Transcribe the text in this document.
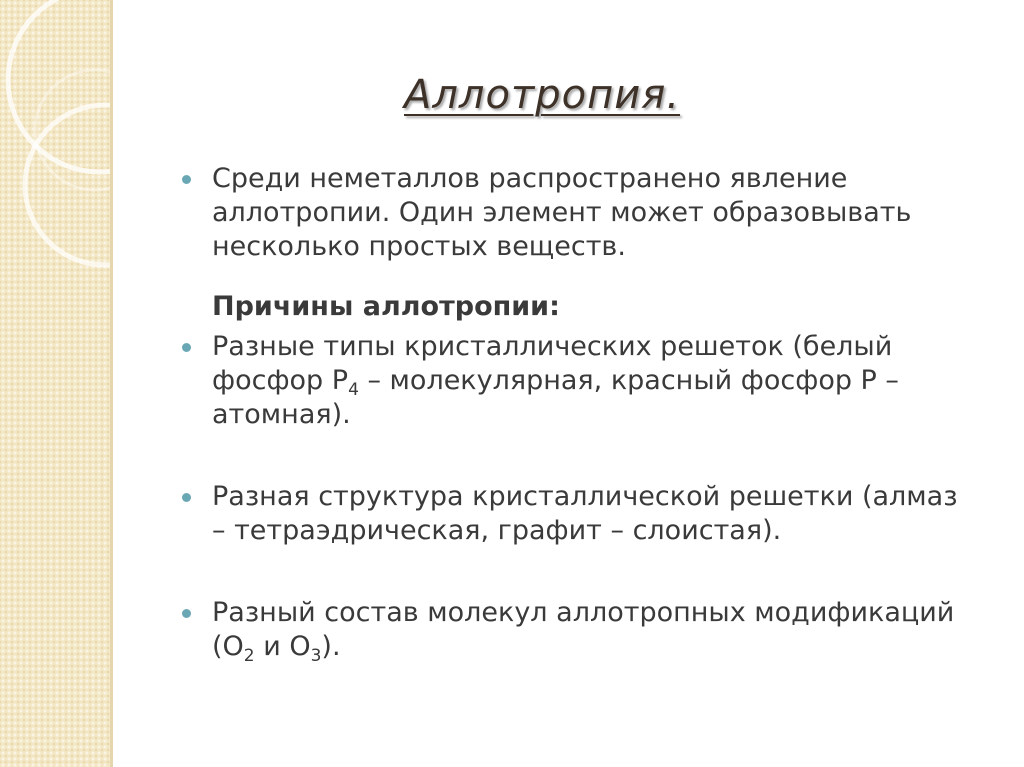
Аллотропия.
Среди неметаллов распространено явление аллотропии. Один элемент может образовывать несколько простых веществ.
Причины аллотропии:
Разные типы кристаллических решеток (белый фосфор $Р_4$ – молекулярная, красный фосфор Р – атомная).
Разная структура кристаллической решетки (алмаз – тетраэдрическая, графит – слоистая).
Разный состав молекул аллотропных модификаций ($О_2$ и $О_3$).
